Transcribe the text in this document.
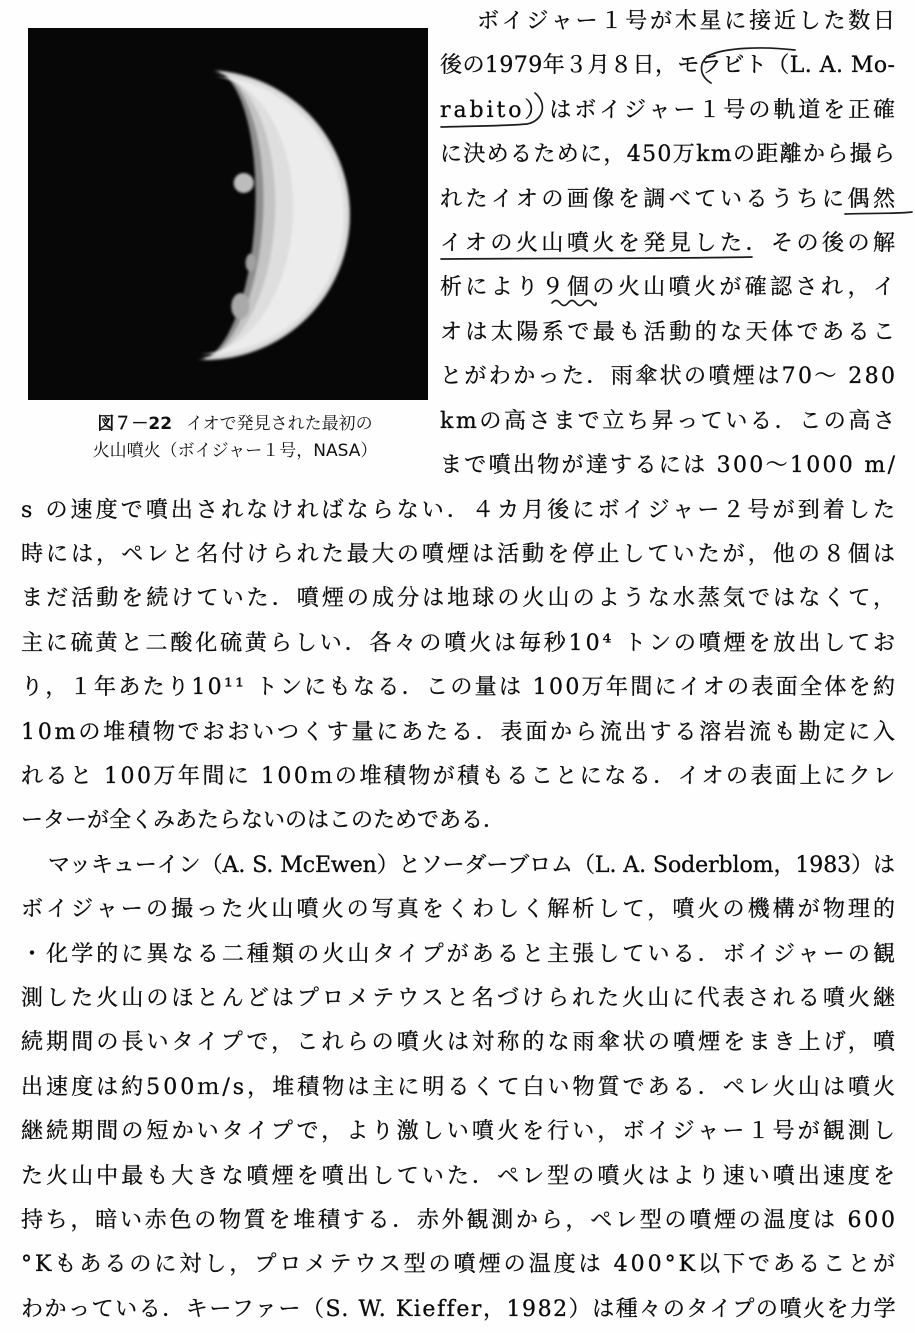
図７－22 イオで発見された最初の
火山噴火（ボイジャー１号，NASA）
ボイジャー１号が木星に接近した数日
後の1979年３月８日，モラビト（L. A. Mo-
rabito）はボイジャー１号の軌道を正確
に決めるために，450万kmの距離から撮ら
れたイオの画像を調べているうちに偶然
イオの火山噴火を発見した．その後の解
析により９個の火山噴火が確認され，イ
オは太陽系で最も活動的な天体であるこ
とがわかった．雨傘状の噴煙は70～ 280
kmの高さまで立ち昇っている．この高さ
まで噴出物が達するには 300～1000 m/
s の速度で噴出されなければならない．４カ月後にボイジャー２号が到着した
時には，ペレと名付けられた最大の噴煙は活動を停止していたが，他の８個は
まだ活動を続けていた．噴煙の成分は地球の火山のような水蒸気ではなくて，
主に硫黄と二酸化硫黄らしい．各々の噴火は毎秒10⁴ トンの噴煙を放出してお
り，１年あたり10¹¹ トンにもなる．この量は 100万年間にイオの表面全体を約
10mの堆積物でおおいつくす量にあたる．表面から流出する溶岩流も勘定に入
れると 100万年間に 100ｍの堆積物が積もることになる．イオの表面上にクレ
ーターが全くみあたらないのはこのためである．
マッキューイン（A. S. McEwen）とソーダーブロム（L. A. Soderblom，1983）は
ボイジャーの撮った火山噴火の写真をくわしく解析して，噴火の機構が物理的
・化学的に異なる二種類の火山タイプがあると主張している．ボイジャーの観
測した火山のほとんどはプロメテウスと名づけられた火山に代表される噴火継
続期間の長いタイプで，これらの噴火は対称的な雨傘状の噴煙をまき上げ，噴
出速度は約500ｍ/s，堆積物は主に明るくて白い物質である．ペレ火山は噴火
継続期間の短かいタイプで，より激しい噴火を行い，ボイジャー１号が観測し
た火山中最も大きな噴煙を噴出していた．ペレ型の噴火はより速い噴出速度を
持ち，暗い赤色の物質を堆積する．赤外観測から，ペレ型の噴煙の温度は 600
°Kもあるのに対し，プロメテウス型の噴煙の温度は 400°K以下であることが
わかっている．キーファー（S. W. Kieffer，1982）は種々のタイプの噴火を力学
